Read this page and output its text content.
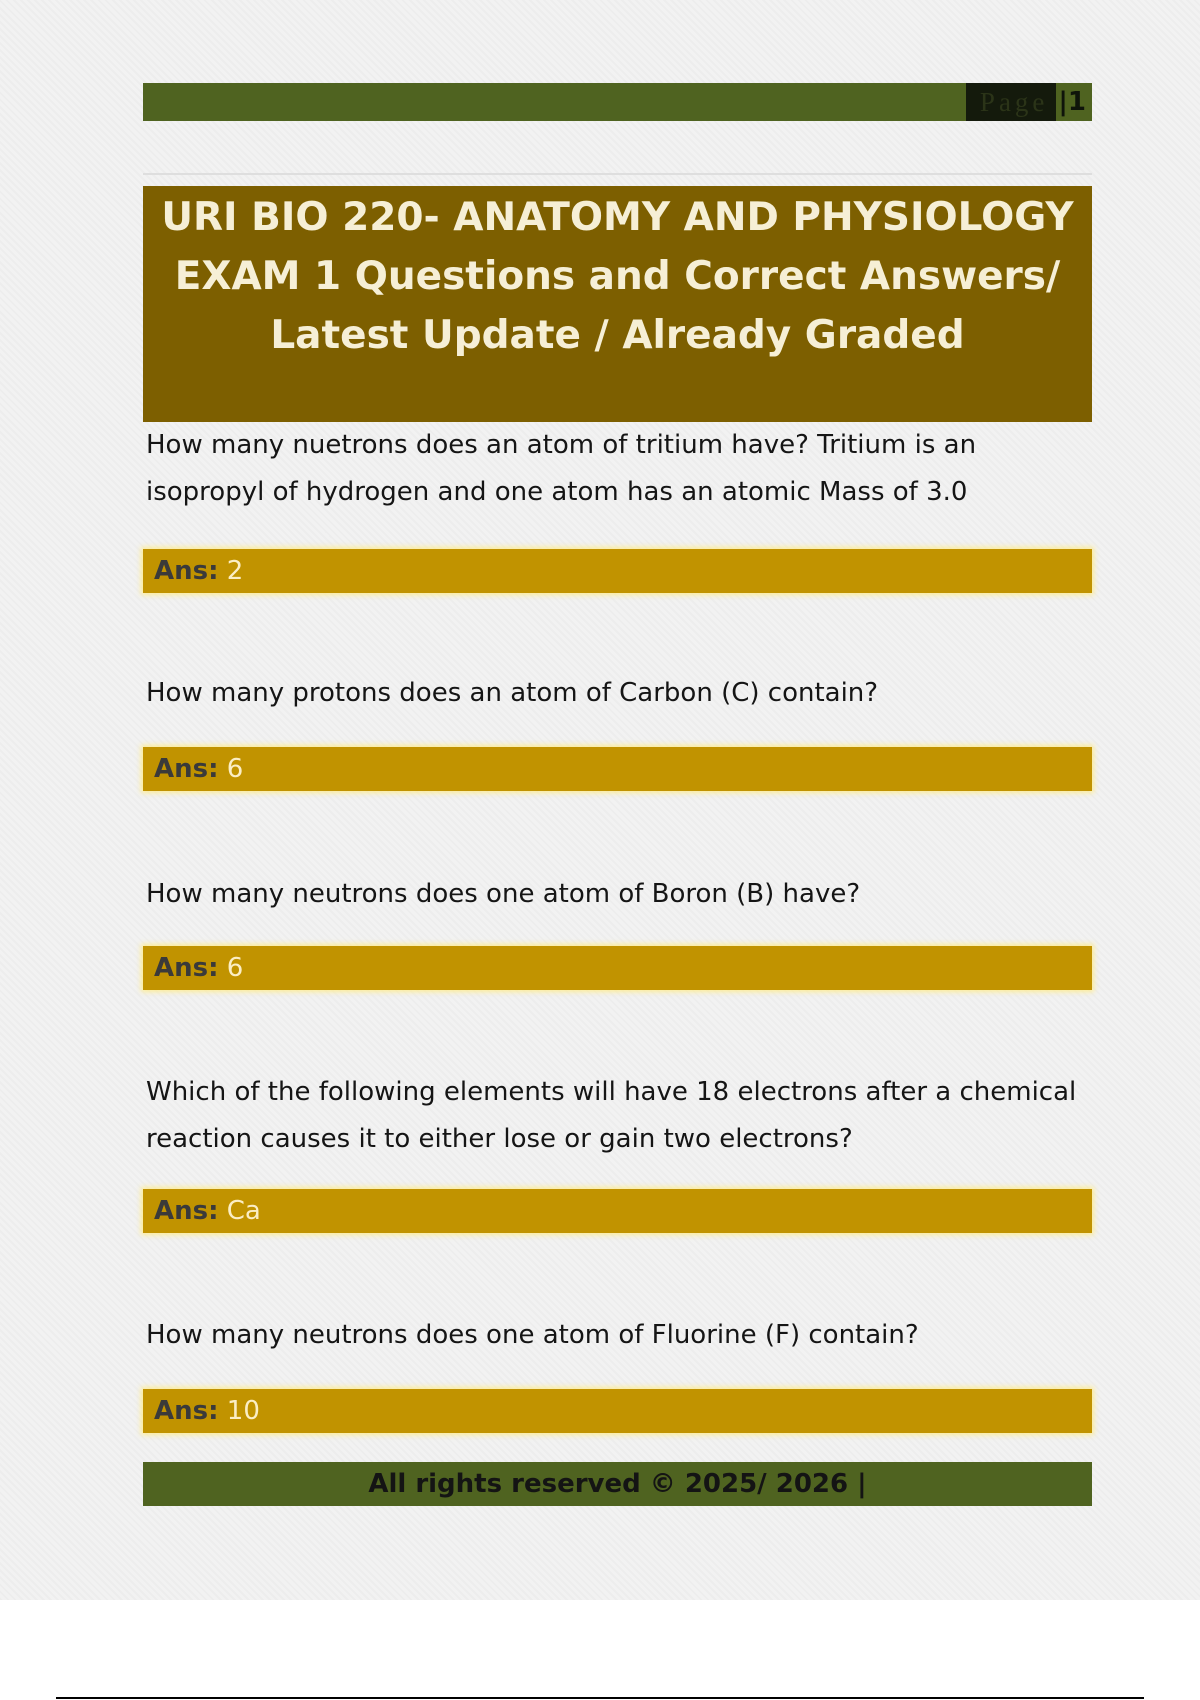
Page |1
URI BIO 220- ANATOMY AND PHYSIOLOGY EXAM 1 Questions and Correct Answers/ Latest Update / Already Graded
How many nuetrons does an atom of tritium have? Tritium is an isopropyl of hydrogen and one atom has an atomic Mass of 3.0
Ans: 2
How many protons does an atom of Carbon (C) contain?
Ans: 6
How many neutrons does one atom of Boron (B) have?
Ans: 6
Which of the following elements will have 18 electrons after a chemical reaction causes it to either lose or gain two electrons?
Ans: Ca
How many neutrons does one atom of Fluorine (F) contain?
Ans: 10
All rights reserved © 2025/ 2026 |
